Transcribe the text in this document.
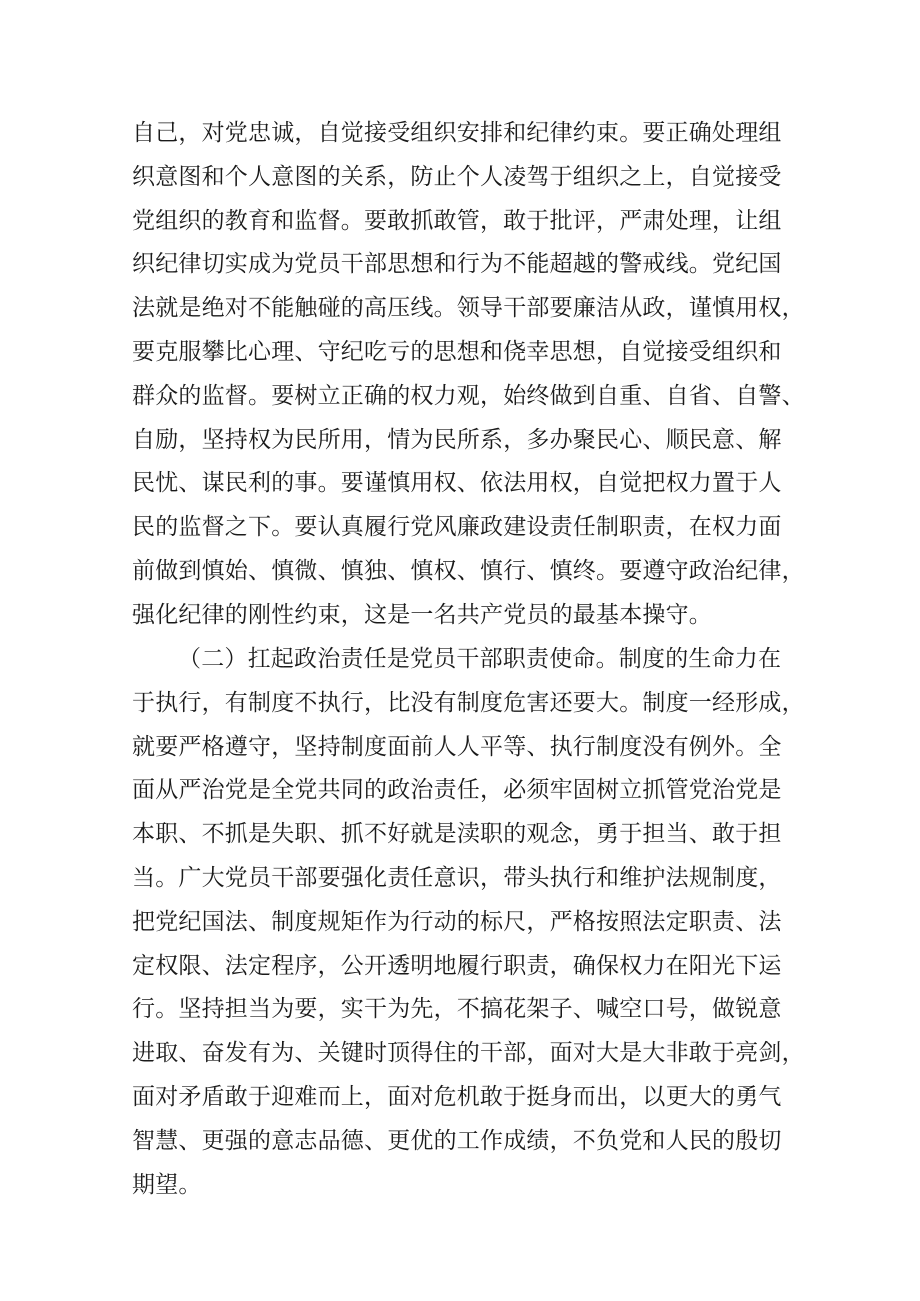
自己，对党忠诚，自觉接受组织安排和纪律约束。要正确处理组
织意图和个人意图的关系，防止个人凌驾于组织之上，自觉接受
党组织的教育和监督。要敢抓敢管，敢于批评，严肃处理，让组
织纪律切实成为党员干部思想和行为不能超越的警戒线。党纪国
法就是绝对不能触碰的高压线。领导干部要廉洁从政，谨慎用权，
要克服攀比心理、守纪吃亏的思想和侥幸思想，自觉接受组织和
群众的监督。要树立正确的权力观，始终做到自重、自省、自警、
自励，坚持权为民所用，情为民所系，多办聚民心、顺民意、解
民忧、谋民利的事。要谨慎用权、依法用权，自觉把权力置于人
民的监督之下。要认真履行党风廉政建设责任制职责，在权力面
前做到慎始、慎微、慎独、慎权、慎行、慎终。要遵守政治纪律，
强化纪律的刚性约束，这是一名共产党员的最基本操守。
（二）扛起政治责任是党员干部职责使命。制度的生命力在
于执行，有制度不执行，比没有制度危害还要大。制度一经形成，
就要严格遵守，坚持制度面前人人平等、执行制度没有例外。全
面从严治党是全党共同的政治责任，必须牢固树立抓管党治党是
本职、不抓是失职、抓不好就是渎职的观念，勇于担当、敢于担
当。广大党员干部要强化责任意识，带头执行和维护法规制度，
把党纪国法、制度规矩作为行动的标尺，严格按照法定职责、法
定权限、法定程序，公开透明地履行职责，确保权力在阳光下运
行。坚持担当为要，实干为先，不搞花架子、喊空口号，做锐意
进取、奋发有为、关键时顶得住的干部，面对大是大非敢于亮剑，
面对矛盾敢于迎难而上，面对危机敢于挺身而出，以更大的勇气
智慧、更强的意志品德、更优的工作成绩，不负党和人民的殷切
期望。
